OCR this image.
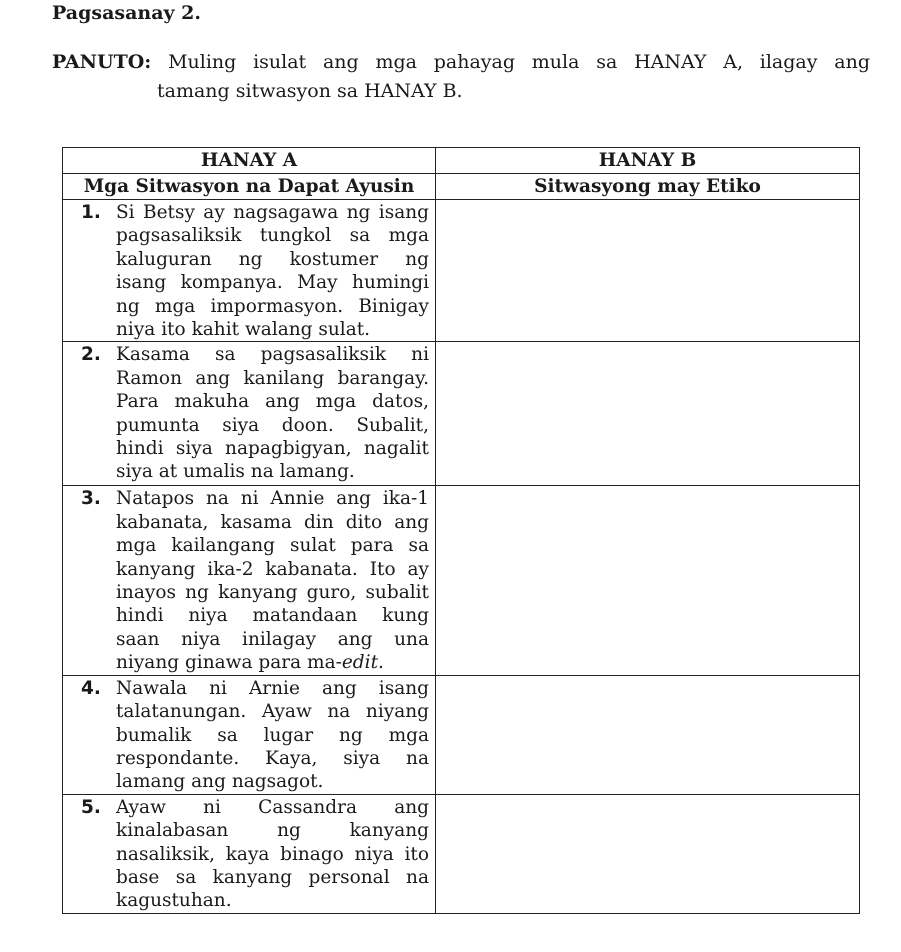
Pagsasanay 2.
PANUTO: Muling isulat ang mga pahayag mula sa HANAY A, ilagay ang
tamang sitwasyon sa HANAY B.
HANAY A	HANAY B
Mga Sitwasyon na Dapat Ayusin	Sitwasyong may Etiko

1. Si Betsy ay nagsagawa ng isang
pagsasaliksik tungkol sa mga
kaluguran ng kostumer ng
isang kompanya. May humingi
ng mga impormasyon. Binigay
niya ito kahit walang sulat.

2. Kasama sa pagsasaliksik ni
Ramon ang kanilang barangay.
Para makuha ang mga datos,
pumunta siya doon. Subalit,
hindi siya napagbigyan, nagalit
siya at umalis na lamang.

3. Natapos na ni Annie ang ika-1
kabanata, kasama din dito ang
mga kailangang sulat para sa
kanyang ika-2 kabanata. Ito ay
inayos ng kanyang guro, subalit
hindi niya matandaan kung
saan niya inilagay ang una
niyang ginawa para ma-edit.

4. Nawala ni Arnie ang isang
talatanungan. Ayaw na niyang
bumalik sa lugar ng mga
respondante. Kaya, siya na
lamang ang nagsagot.

5. Ayaw ni Cassandra ang
kinalabasan ng kanyang
nasaliksik, kaya binago niya ito
base sa kanyang personal na
kagustuhan.
